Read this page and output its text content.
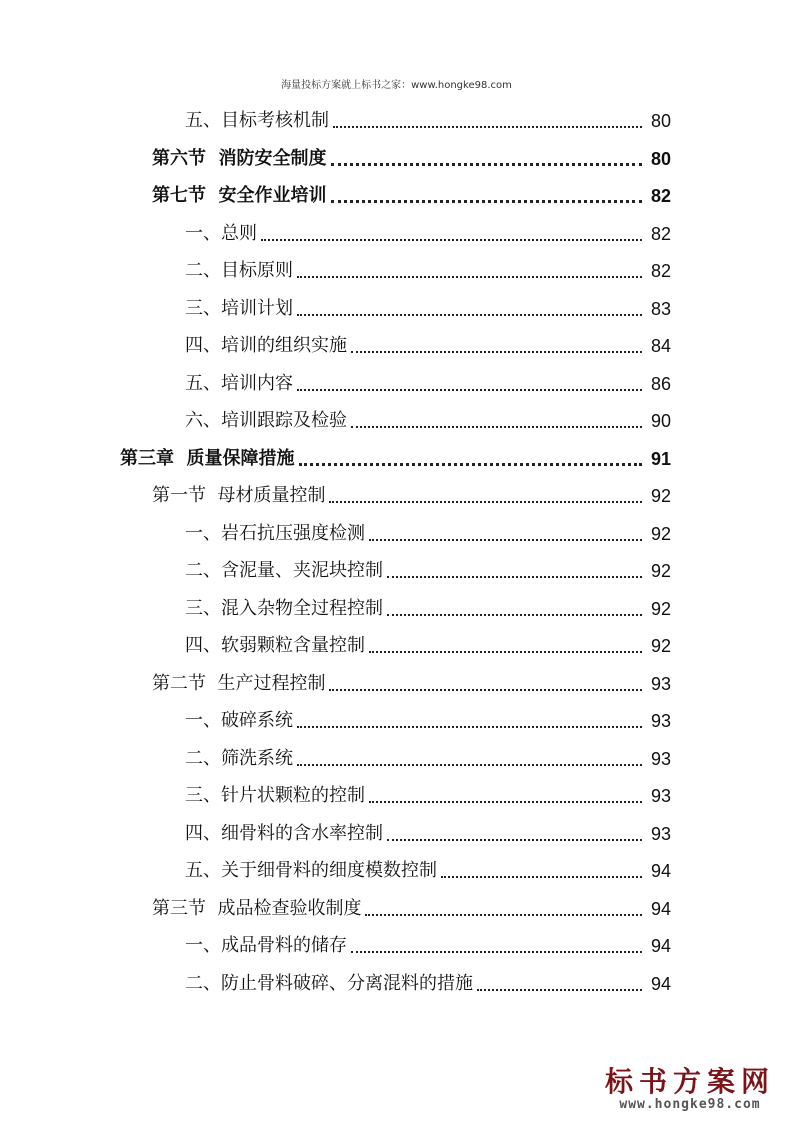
海量投标方案就上标书之家：www.hongke98.com
五、目标考核机制	80
第六节  消防安全制度	80
第七节  安全作业培训	82
一、总则	82
二、目标原则	82
三、培训计划	83
四、培训的组织实施	84
五、培训内容	86
六、培训跟踪及检验	90
第三章  质量保障措施	91
第一节  母材质量控制	92
一、岩石抗压强度检测	92
二、含泥量、夹泥块控制	92
三、混入杂物全过程控制	92
四、软弱颗粒含量控制	92
第二节  生产过程控制	93
一、破碎系统	93
二、筛洗系统	93
三、针片状颗粒的控制	93
四、细骨料的含水率控制	93
五、关于细骨料的细度模数控制	94
第三节  成品检查验收制度	94
一、成品骨料的储存	94
二、防止骨料破碎、分离混料的措施	94
标书方案网
www.hongke98.com
